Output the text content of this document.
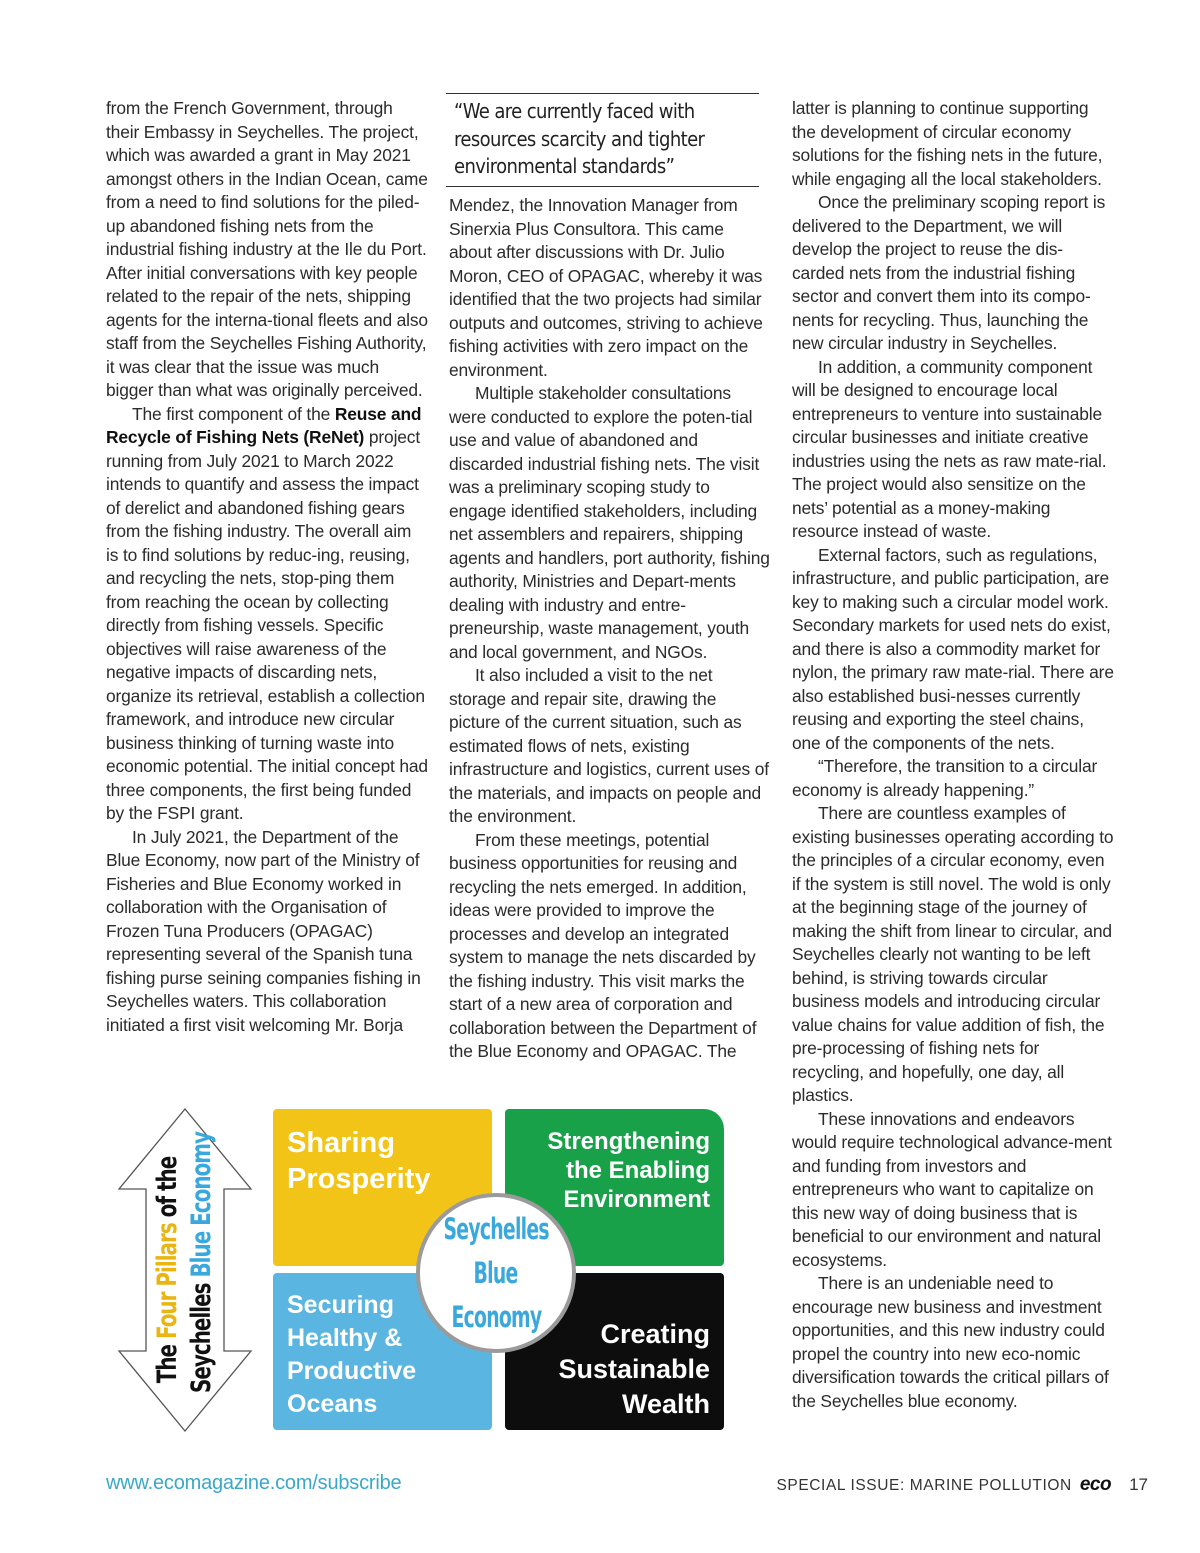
from the French Government, through their Embassy in Seychelles. The project, which was awarded a grant in May 2021 amongst others in the Indian Ocean, came from a need to find solutions for the piled-up abandoned fishing nets from the industrial fishing industry at the Ile du Port. After initial conversations with key people related to the repair of the nets, shipping agents for the interna-tional fleets and also staff from the Seychelles Fishing Authority, it was clear that the issue was much bigger than what was originally perceived.

The first component of the Reuse and Recycle of Fishing Nets (ReNet) project running from July 2021 to March 2022 intends to quantify and assess the impact of derelict and abandoned fishing gears from the fishing industry. The overall aim is to find solutions by reduc-ing, reusing, and recycling the nets, stop-ping them from reaching the ocean by collecting directly from fishing vessels. Specific objectives will raise awareness of the negative impacts of discarding nets, organize its retrieval, establish a collection framework, and introduce new circular business thinking of turning waste into economic potential. The initial concept had three components, the first being funded by the FSPI grant.

In July 2021, the Department of the Blue Economy, now part of the Ministry of Fisheries and Blue Economy worked in collaboration with the Organisation of Frozen Tuna Producers (OPAGAC) representing several of the Spanish tuna fishing purse seining companies fishing in Seychelles waters. This collaboration initiated a first visit welcoming Mr. Borja

“We are currently faced with resources scarcity and tighter environmental standards”

Mendez, the Innovation Manager from Sinerxia Plus Consultora. This came about after discussions with Dr. Julio Moron, CEO of OPAGAC, whereby it was identified that the two projects had similar outputs and outcomes, striving to achieve fishing activities with zero impact on the environment.

Multiple stakeholder consultations were conducted to explore the poten-tial use and value of abandoned and discarded industrial fishing nets. The visit was a preliminary scoping study to engage identified stakeholders, including net assemblers and repairers, shipping agents and handlers, port authority, fishing authority, Ministries and Depart-ments dealing with industry and entre-preneurship, waste management, youth and local government, and NGOs.

It also included a visit to the net storage and repair site, drawing the picture of the current situation, such as estimated flows of nets, existing infrastructure and logistics, current uses of the materials, and impacts on people and the environment.

From these meetings, potential business opportunities for reusing and recycling the nets emerged. In addition, ideas were provided to improve the processes and develop an integrated system to manage the nets discarded by the fishing industry. This visit marks the start of a new area of corporation and collaboration between the Department of the Blue Economy and OPAGAC. The

latter is planning to continue supporting the development of circular economy solutions for the fishing nets in the future, while engaging all the local stakeholders.

Once the preliminary scoping report is delivered to the Department, we will develop the project to reuse the dis-carded nets from the industrial fishing sector and convert them into its compo-nents for recycling. Thus, launching the new circular industry in Seychelles.

In addition, a community component will be designed to encourage local entrepreneurs to venture into sustainable circular businesses and initiate creative industries using the nets as raw mate-rial. The project would also sensitize on the nets’ potential as a money-making resource instead of waste.

External factors, such as regulations, infrastructure, and public participation, are key to making such a circular model work. Secondary markets for used nets do exist, and there is also a commodity market for nylon, the primary raw mate-rial. There are also established busi-nesses currently reusing and exporting the steel chains, one of the components of the nets.

“Therefore, the transition to a circular economy is already happening.”

There are countless examples of existing businesses operating according to the principles of a circular economy, even if the system is still novel. The wold is only at the beginning stage of the journey of making the shift from linear to circular, and Seychelles clearly not wanting to be left behind, is striving towards circular business models and introducing circular value chains for value addition of fish, the pre-processing of fishing nets for recycling, and hopefully, one day, all plastics.

These innovations and endeavors would require technological advance-ment and funding from investors and entrepreneurs who want to capitalize on this new way of doing business that is beneficial to our environment and natural ecosystems.

There is an undeniable need to encourage new business and investment opportunities, and this new industry could propel the country into new eco-nomic diversification towards the critical pillars of the Seychelles blue economy.

The Four Pillars of the
Seychelles Blue Economy Sharing
Prosperity
Strengthening
the Enabling
Environment
Securing
Healthy &
Productive
Oceans
Creating
Sustainable
Wealth
Seychelles
Blue
Economy
www.ecomagazine.com/subscribe	SPECIAL ISSUE: MARINE POLLUTION eco 17
